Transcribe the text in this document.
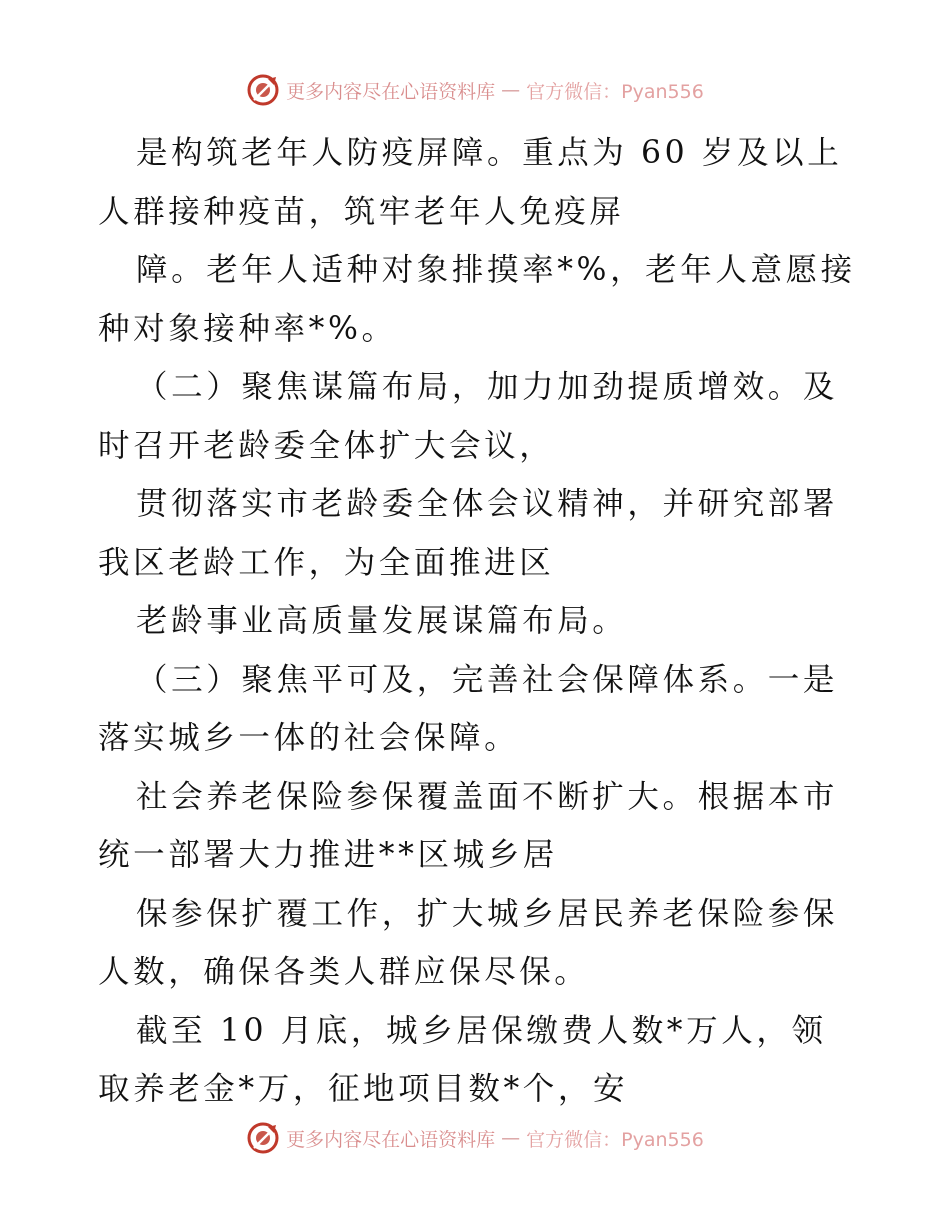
更多内容尽在心语资料库 — 官方微信：Pyan556

是构筑老年人防疫屏障。重点为 60 岁及以上人群接种疫苗，筑牢老年人免疫屏

障。老年人适种对象排摸率*%，老年人意愿接种对象接种率*%。

（二）聚焦谋篇布局，加力加劲提质增效。及时召开老龄委全体扩大会议，

贯彻落实市老龄委全体会议精神，并研究部署我区老龄工作，为全面推进区

老龄事业高质量发展谋篇布局。

（三）聚焦平可及，完善社会保障体系。一是落实城乡一体的社会保障。

社会养老保险参保覆盖面不断扩大。根据本市统一部署大力推进**区城乡居

保参保扩覆工作，扩大城乡居民养老保险参保人数，确保各类人群应保尽保。

截至 10 月底，城乡居保缴费人数*万人，领取养老金*万，征地项目数*个，安

更多内容尽在心语资料库 — 官方微信：Pyan556
